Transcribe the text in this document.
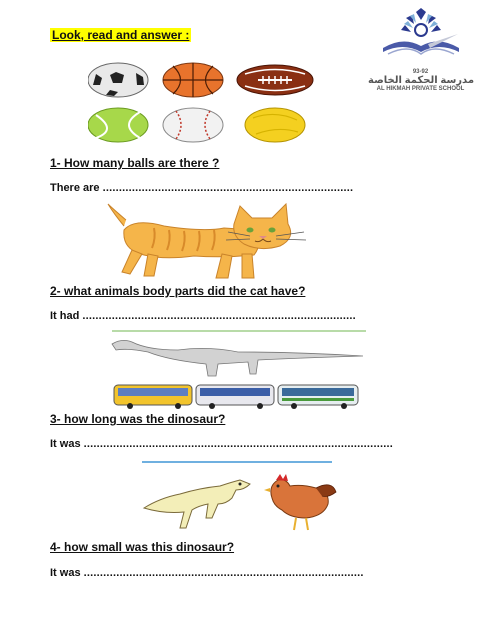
Look, read and answer :
93-92
مدرسة الحكمة الخاصة
AL HIKMAH PRIVATE SCHOOL
1- How many balls are there ?
There are .............................................................................
2- what animals body parts did the cat have?
It had ....................................................................................
3- how long was the dinosaur?
It was ...............................................................................................
4- how small was this dinosaur?
It was ......................................................................................
